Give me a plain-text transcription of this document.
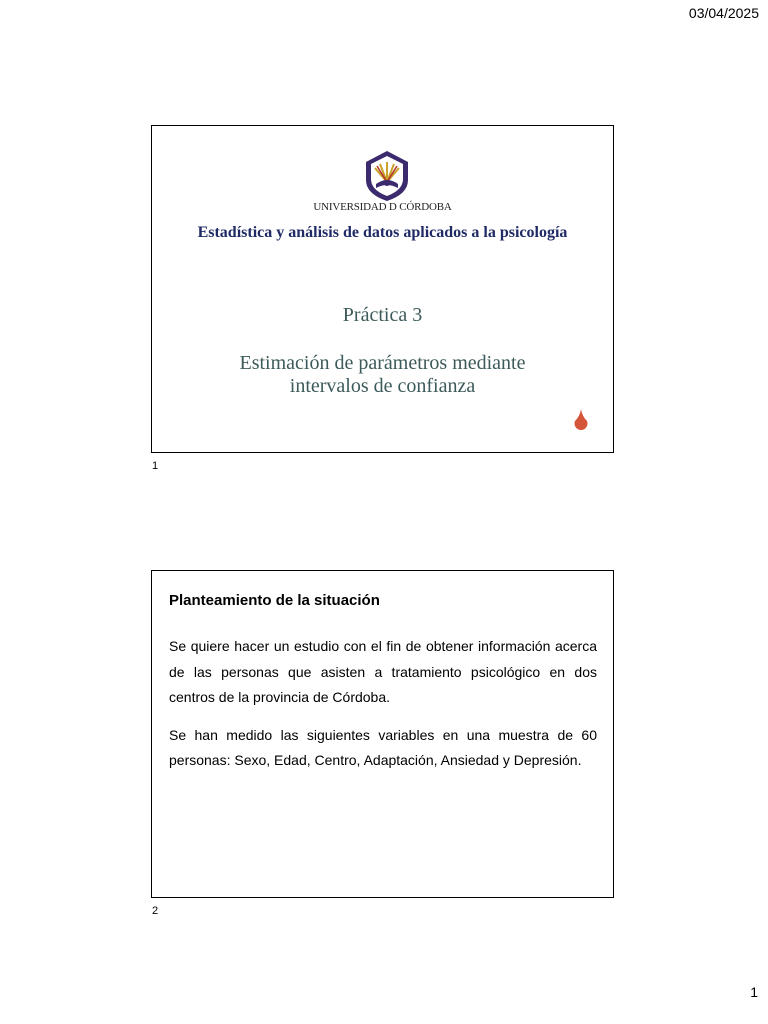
03/04/2025
UNIVERSIDAD D CÓRDOBA
Estadística y análisis de datos aplicados a la psicología
Práctica 3
Estimación de parámetros mediante
intervalos de confianza
1
Planteamiento de la situación

Se quiere hacer un estudio con el fin de obtener información acerca de las personas que asisten a tratamiento psicológico en dos centros de la provincia de Córdoba.

Se han medido las siguientes variables en una muestra de 60 personas: Sexo, Edad, Centro, Adaptación, Ansiedad y Depresión.

2
1
